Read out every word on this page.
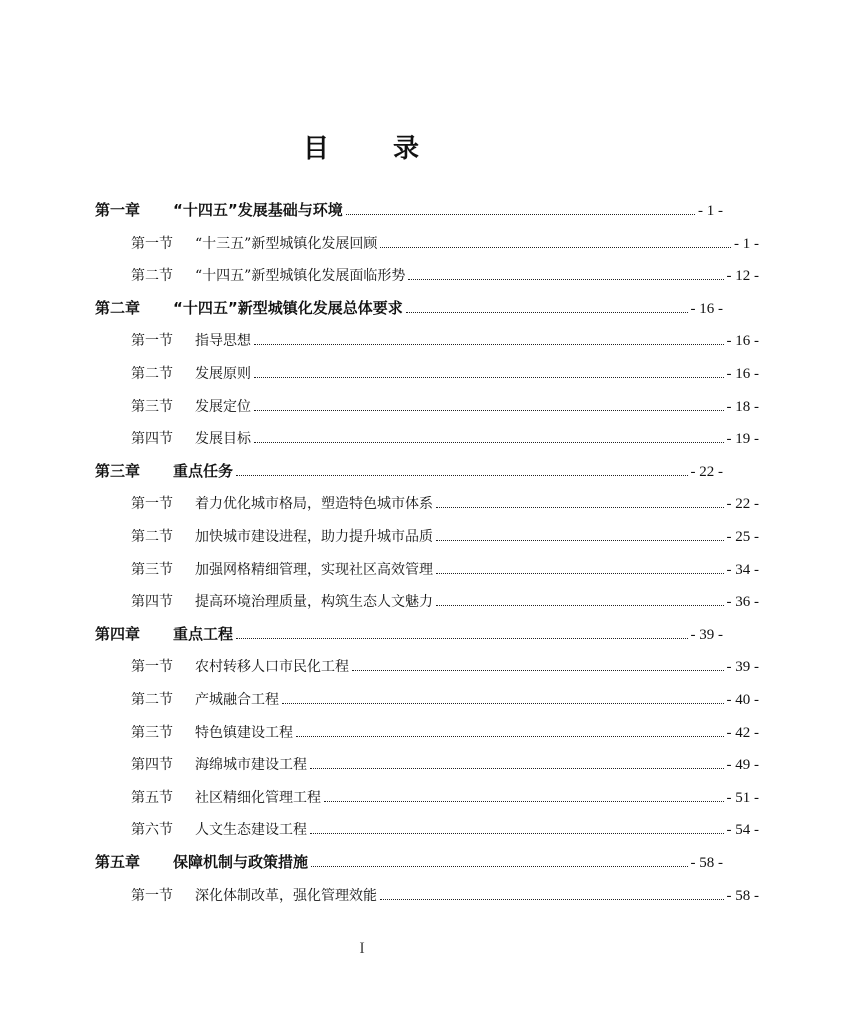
目 录
第一章	“十四五”发展基础与环境	- 1 -
第一节	“十三五”新型城镇化发展回顾	- 1 -
第二节	“十四五”新型城镇化发展面临形势	- 12 -
第二章	“十四五”新型城镇化发展总体要求	- 16 -
第一节	指导思想	- 16 -
第二节	发展原则	- 16 -
第三节	发展定位	- 18 -
第四节	发展目标	- 19 -
第三章	重点任务	- 22 -
第一节	着力优化城市格局，塑造特色城市体系	- 22 -
第二节	加快城市建设进程，助力提升城市品质	- 25 -
第三节	加强网格精细管理，实现社区高效管理	- 34 -
第四节	提高环境治理质量，构筑生态人文魅力	- 36 -
第四章	重点工程	- 39 -
第一节	农村转移人口市民化工程	- 39 -
第二节	产城融合工程	- 40 -
第三节	特色镇建设工程	- 42 -
第四节	海绵城市建设工程	- 49 -
第五节	社区精细化管理工程	- 51 -
第六节	人文生态建设工程	- 54 -
第五章	保障机制与政策措施	- 58 -
第一节	深化体制改革，强化管理效能	- 58 -
I
